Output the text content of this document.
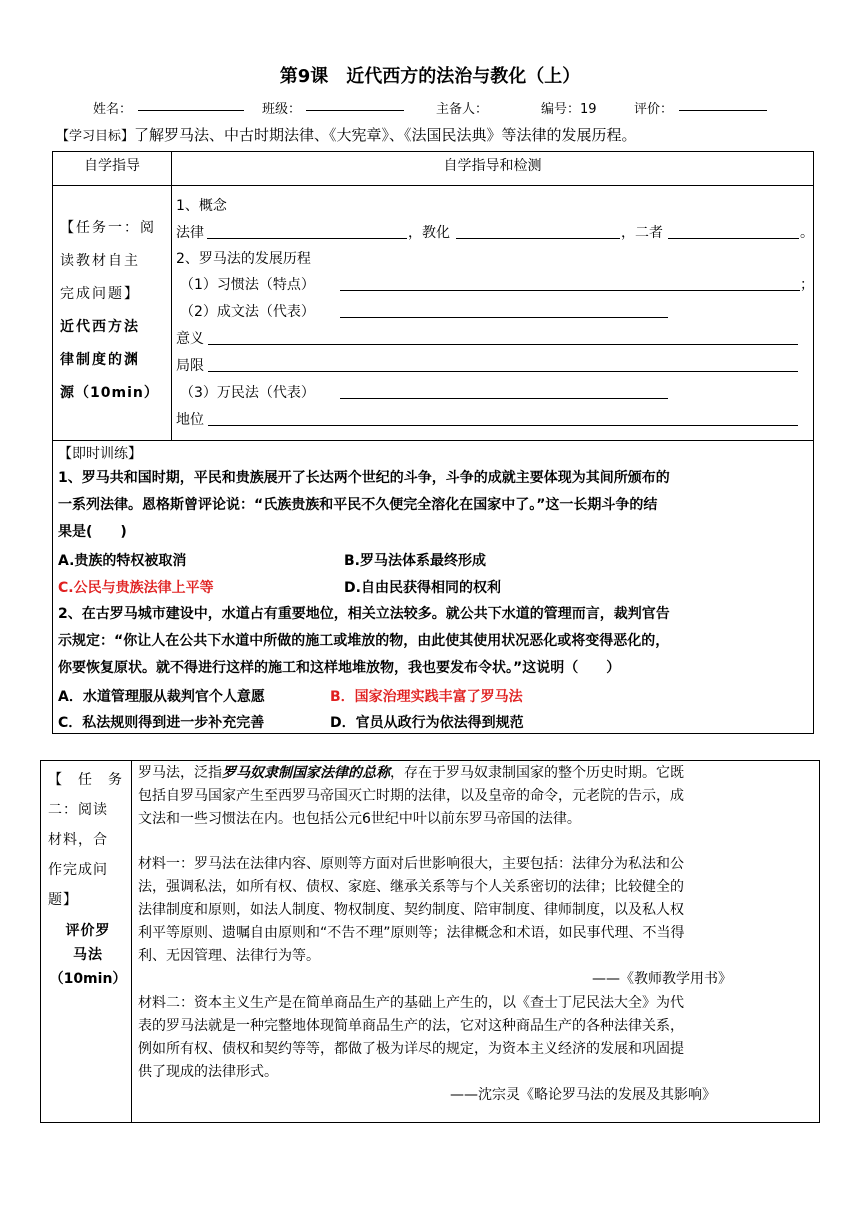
第9课　近代西方的法治与教化（上）
姓名：	班级：	主备人：	编号：19	评价：
【学习目标】了解罗马法、中古时期法律、《大宪章》、《法国民法典》等法律的发展历程。
自学指导	自学指导和检测

【任务一：阅
读教材自主
完成问题】
近代西方法
律制度的渊
源（10min）
1、概念
法律	，教化	，二者	。
2、罗马法的发展历程
（1）习惯法（特点）	；
（2）成文法（代表）
意义
局限
（3）万民法（代表）
地位
【即时训练】
1、罗马共和国时期，平民和贵族展开了长达两个世纪的斗争，斗争的成就主要体现为其间所颁布的
一系列法律。恩格斯曾评论说：“氏族贵族和平民不久便完全溶化在国家中了。”这一长期斗争的结
果是(　　)
A.贵族的特权被取消	B.罗马法体系最终形成
C.公民与贵族法律上平等	D.自由民获得相同的权利
2、在古罗马城市建设中，水道占有重要地位，相关立法较多。就公共下水道的管理而言，裁判官告
示规定：“你让人在公共下水道中所做的施工或堆放的物，由此使其使用状况恶化或将变得恶化的，
你要恢复原状。就不得进行这样的施工和这样地堆放物，我也要发布令状。”这说明（　　）
A．水道管理服从裁判官个人意愿	B．国家治理实践丰富了罗马法
C．私法规则得到进一步补充完善	D．官员从政行为依法得到规范

【　任　务
二：阅读
材料，合
作完成问
题】
评价罗
马法
（10min）
罗马法，泛指罗马奴隶制国家法律的总称，存在于罗马奴隶制国家的整个历史时期。它既
包括自罗马国家产生至西罗马帝国灭亡时期的法律，以及皇帝的命令，元老院的告示，成
文法和一些习惯法在内。也包括公元6世纪中叶以前东罗马帝国的法律。
材料一：罗马法在法律内容、原则等方面对后世影响很大，主要包括：法律分为私法和公
法，强调私法，如所有权、债权、家庭、继承关系等与个人关系密切的法律；比较健全的
法律制度和原则，如法人制度、物权制度、契约制度、陪审制度、律师制度，以及私人权
利平等原则、遗嘱自由原则和“不告不理”原则等；法律概念和术语，如民事代理、不当得
利、无因管理、法律行为等。
——《教师教学用书》
材料二：资本主义生产是在简单商品生产的基础上产生的，以《查士丁尼民法大全》为代
表的罗马法就是一种完整地体现简单商品生产的法，它对这种商品生产的各种法律关系，
例如所有权、债权和契约等等，都做了极为详尽的规定，为资本主义经济的发展和巩固提
供了现成的法律形式。
——沈宗灵《略论罗马法的发展及其影响》
